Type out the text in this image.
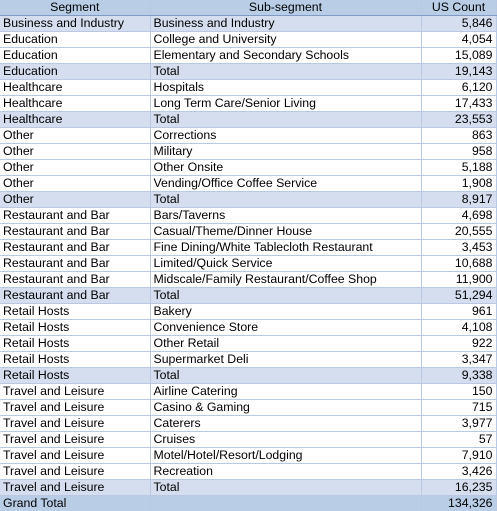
Segment	Sub-segment	US Count
Business and Industry	Business and Industry	5,846
Education	College and University	4,054
Education	Elementary and Secondary Schools	15,089
Education	Total	19,143
Healthcare	Hospitals	6,120
Healthcare	Long Term Care/Senior Living	17,433
Healthcare	Total	23,553
Other	Corrections	863
Other	Military	958
Other	Other Onsite	5,188
Other	Vending/Office Coffee Service	1,908
Other	Total	8,917
Restaurant and Bar	Bars/Taverns	4,698
Restaurant and Bar	Casual/Theme/Dinner House	20,555
Restaurant and Bar	Fine Dining/White Tablecloth Restaurant	3,453
Restaurant and Bar	Limited/Quick Service	10,688
Restaurant and Bar	Midscale/Family Restaurant/Coffee Shop	11,900
Restaurant and Bar	Total	51,294
Retail Hosts	Bakery	961
Retail Hosts	Convenience Store	4,108
Retail Hosts	Other Retail	922
Retail Hosts	Supermarket Deli	3,347
Retail Hosts	Total	9,338
Travel and Leisure	Airline Catering	150
Travel and Leisure	Casino & Gaming	715
Travel and Leisure	Caterers	3,977
Travel and Leisure	Cruises	57
Travel and Leisure	Motel/Hotel/Resort/Lodging	7,910
Travel and Leisure	Recreation	3,426
Travel and Leisure	Total	16,235
Grand Total		134,326
